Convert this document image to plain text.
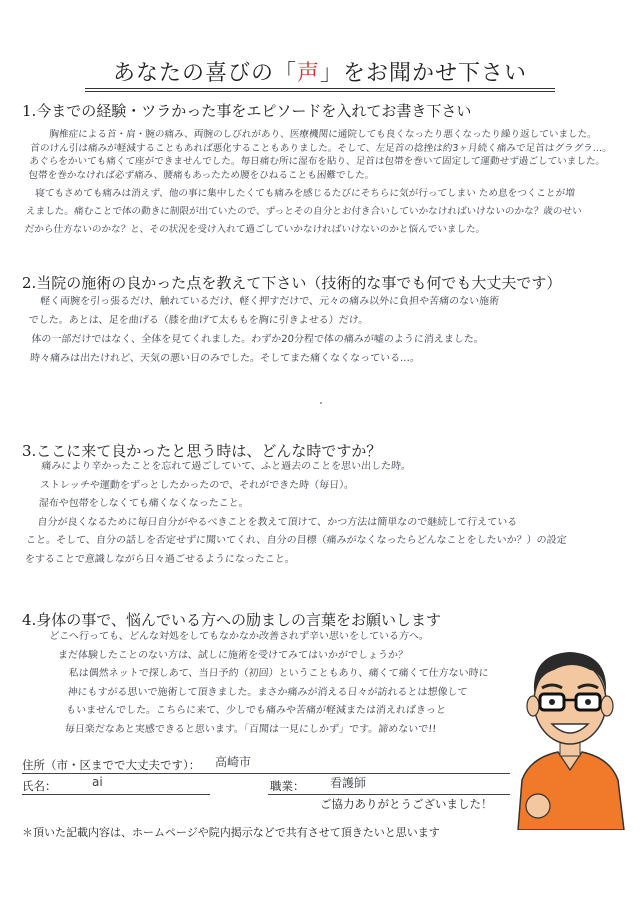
あなたの喜びの「声」をお聞かせ下さい
1.今までの経験・ツラかった事をエピソードを入れてお書き下さい

胸椎症による首・肩・腕の痛み、両腕のしびれがあり、医療機関に通院しても良くなったり悪くなったり繰り返していました。

首のけん引は痛みが軽減することもあれば悪化することもありました。そして、左足首の捻挫は約3ヶ月続く痛みで足首はグラグラ…。

あぐらをかいても痛くて座ができませんでした。毎日痛む所に湿布を貼り、足首は包帯を巻いて固定して運動せず過ごしていました。

包帯を巻かなければ必ず痛み、腰痛もあったため腰をひねることも困難でした。

寝てもさめても痛みは消えず、他の事に集中したくても痛みを感じるたびにそちらに気が行ってしまい ため息をつくことが増

えました。痛むことで体の動きに制限が出ていたので、ずっとその自分とお付き合いしていかなければいけないのかな？歳のせい

だから仕方ないのかな？と、その状況を受け入れて過ごしていかなければいけないのかと悩んでいました。

2.当院の施術の良かった点を教えて下さい（技術的な事でも何でも大丈夫です）

軽く両腕を引っ張るだけ、触れているだけ、軽く押すだけで、元々の痛み以外に負担や苦痛のない施術

でした。あとは、足を曲げる（膝を曲げて太ももを胸に引きよせる）だけ。

体の一部だけではなく、全体を見てくれました。わずか20分程で体の痛みが嘘のように消えました。

時々痛みは出たけれど、天気の悪い日のみでした。そしてまた痛くなくなっている…。

3.ここに来て良かったと思う時は、どんな時ですか？

痛みにより辛かったことを忘れて過ごしていて、ふと過去のことを思い出した時。

ストレッチや運動をずっとしたかったので、それができた時（毎日）。

湿布や包帯をしなくても痛くなくなったこと。

自分が良くなるために毎日自分がやるべきことを教えて頂けて、かつ方法は簡単なので継続して行えている

こと。そして、自分の話しを否定せずに聞いてくれ、自分の目標（痛みがなくなったらどんなことをしたいか？）の設定

をすることで意識しながら日々過ごせるようになったこと。

4.身体の事で、悩んでいる方への励ましの言葉をお願いします

どこへ行っても、どんな対処をしてもなかなか改善されず辛い思いをしている方へ。

まだ体験したことのない方は、試しに施術を受けてみてはいかがでしょうか？

私は偶然ネットで探しあて、当日予約（初回）ということもあり、痛くて痛くて仕方ない時に

神にもすがる思いで施術して頂きました。まさか痛みが消える日々が訪れるとは想像して

もいませんでした。こちらに来て、少しでも痛みや苦痛が軽減または消えればきっと

毎日楽だなあと実感できると思います。「百聞は一見にしかず」です。諦めないで!!

住所（市・区までで大丈夫です）： 高崎市
氏名：	ai	職業： 看護師
ご協力ありがとうございました！
＊頂いた記載内容は、ホームページや院内掲示などで共有させて頂きたいと思います
